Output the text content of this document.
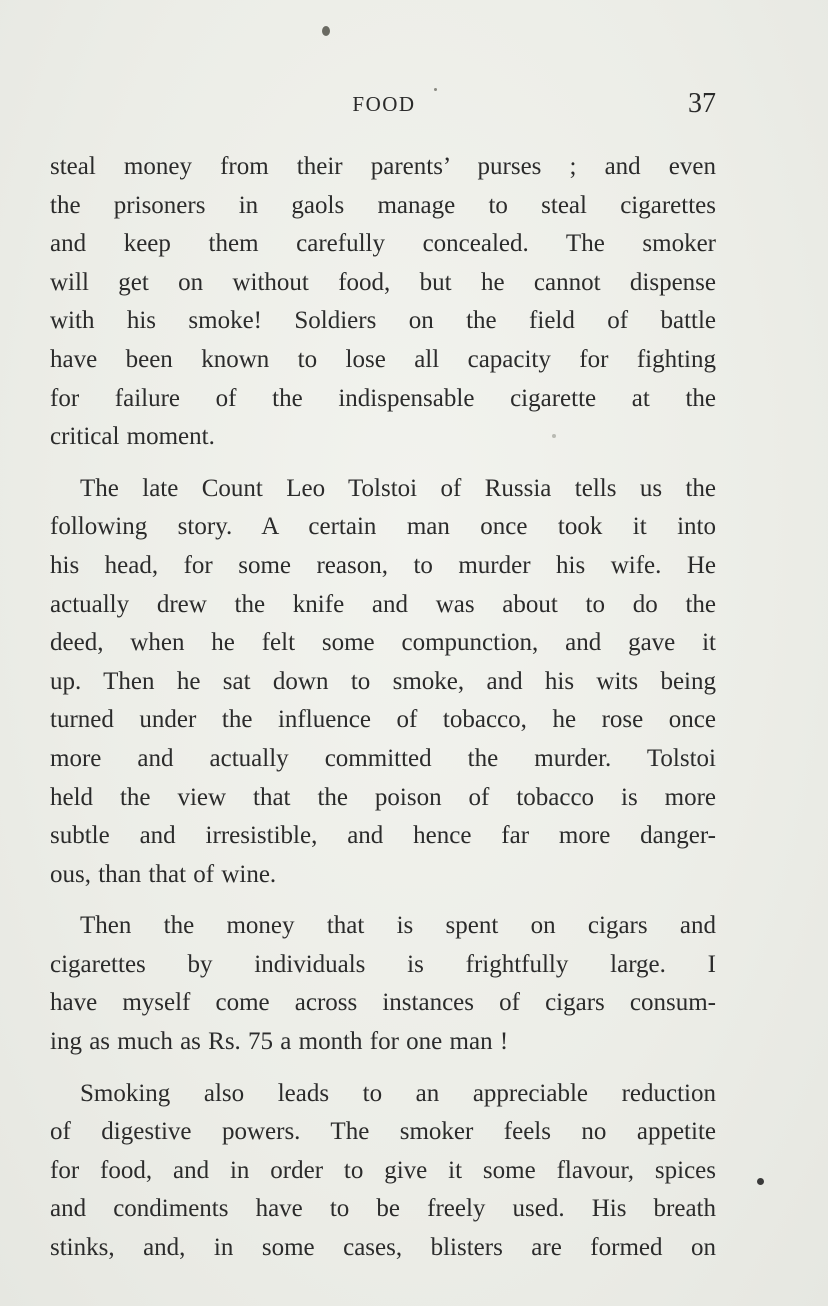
FOOD	37
steal money from their parents’ purses ; and even
the prisoners in gaols manage to steal cigarettes
and keep them carefully concealed. The smoker
will get on without food, but he cannot dispense
with his smoke! Soldiers on the field of battle
have been known to lose all capacity for fighting
for failure of the indispensable cigarette at the
critical moment.
The late Count Leo Tolstoi of Russia tells us the
following story. A certain man once took it into
his head, for some reason, to murder his wife. He
actually drew the knife and was about to do the
deed, when he felt some compunction, and gave it
up. Then he sat down to smoke, and his wits being
turned under the influence of tobacco, he rose once
more and actually committed the murder. Tolstoi
held the view that the poison of tobacco is more
subtle and irresistible, and hence far more danger-
ous, than that of wine.
Then the money that is spent on cigars and
cigarettes by individuals is frightfully large. I
have myself come across instances of cigars consum-
ing as much as Rs. 75 a month for one man !
Smoking also leads to an appreciable reduction
of digestive powers. The smoker feels no appetite
for food, and in order to give it some flavour, spices
and condiments have to be freely used. His breath
stinks, and, in some cases, blisters are formed on
